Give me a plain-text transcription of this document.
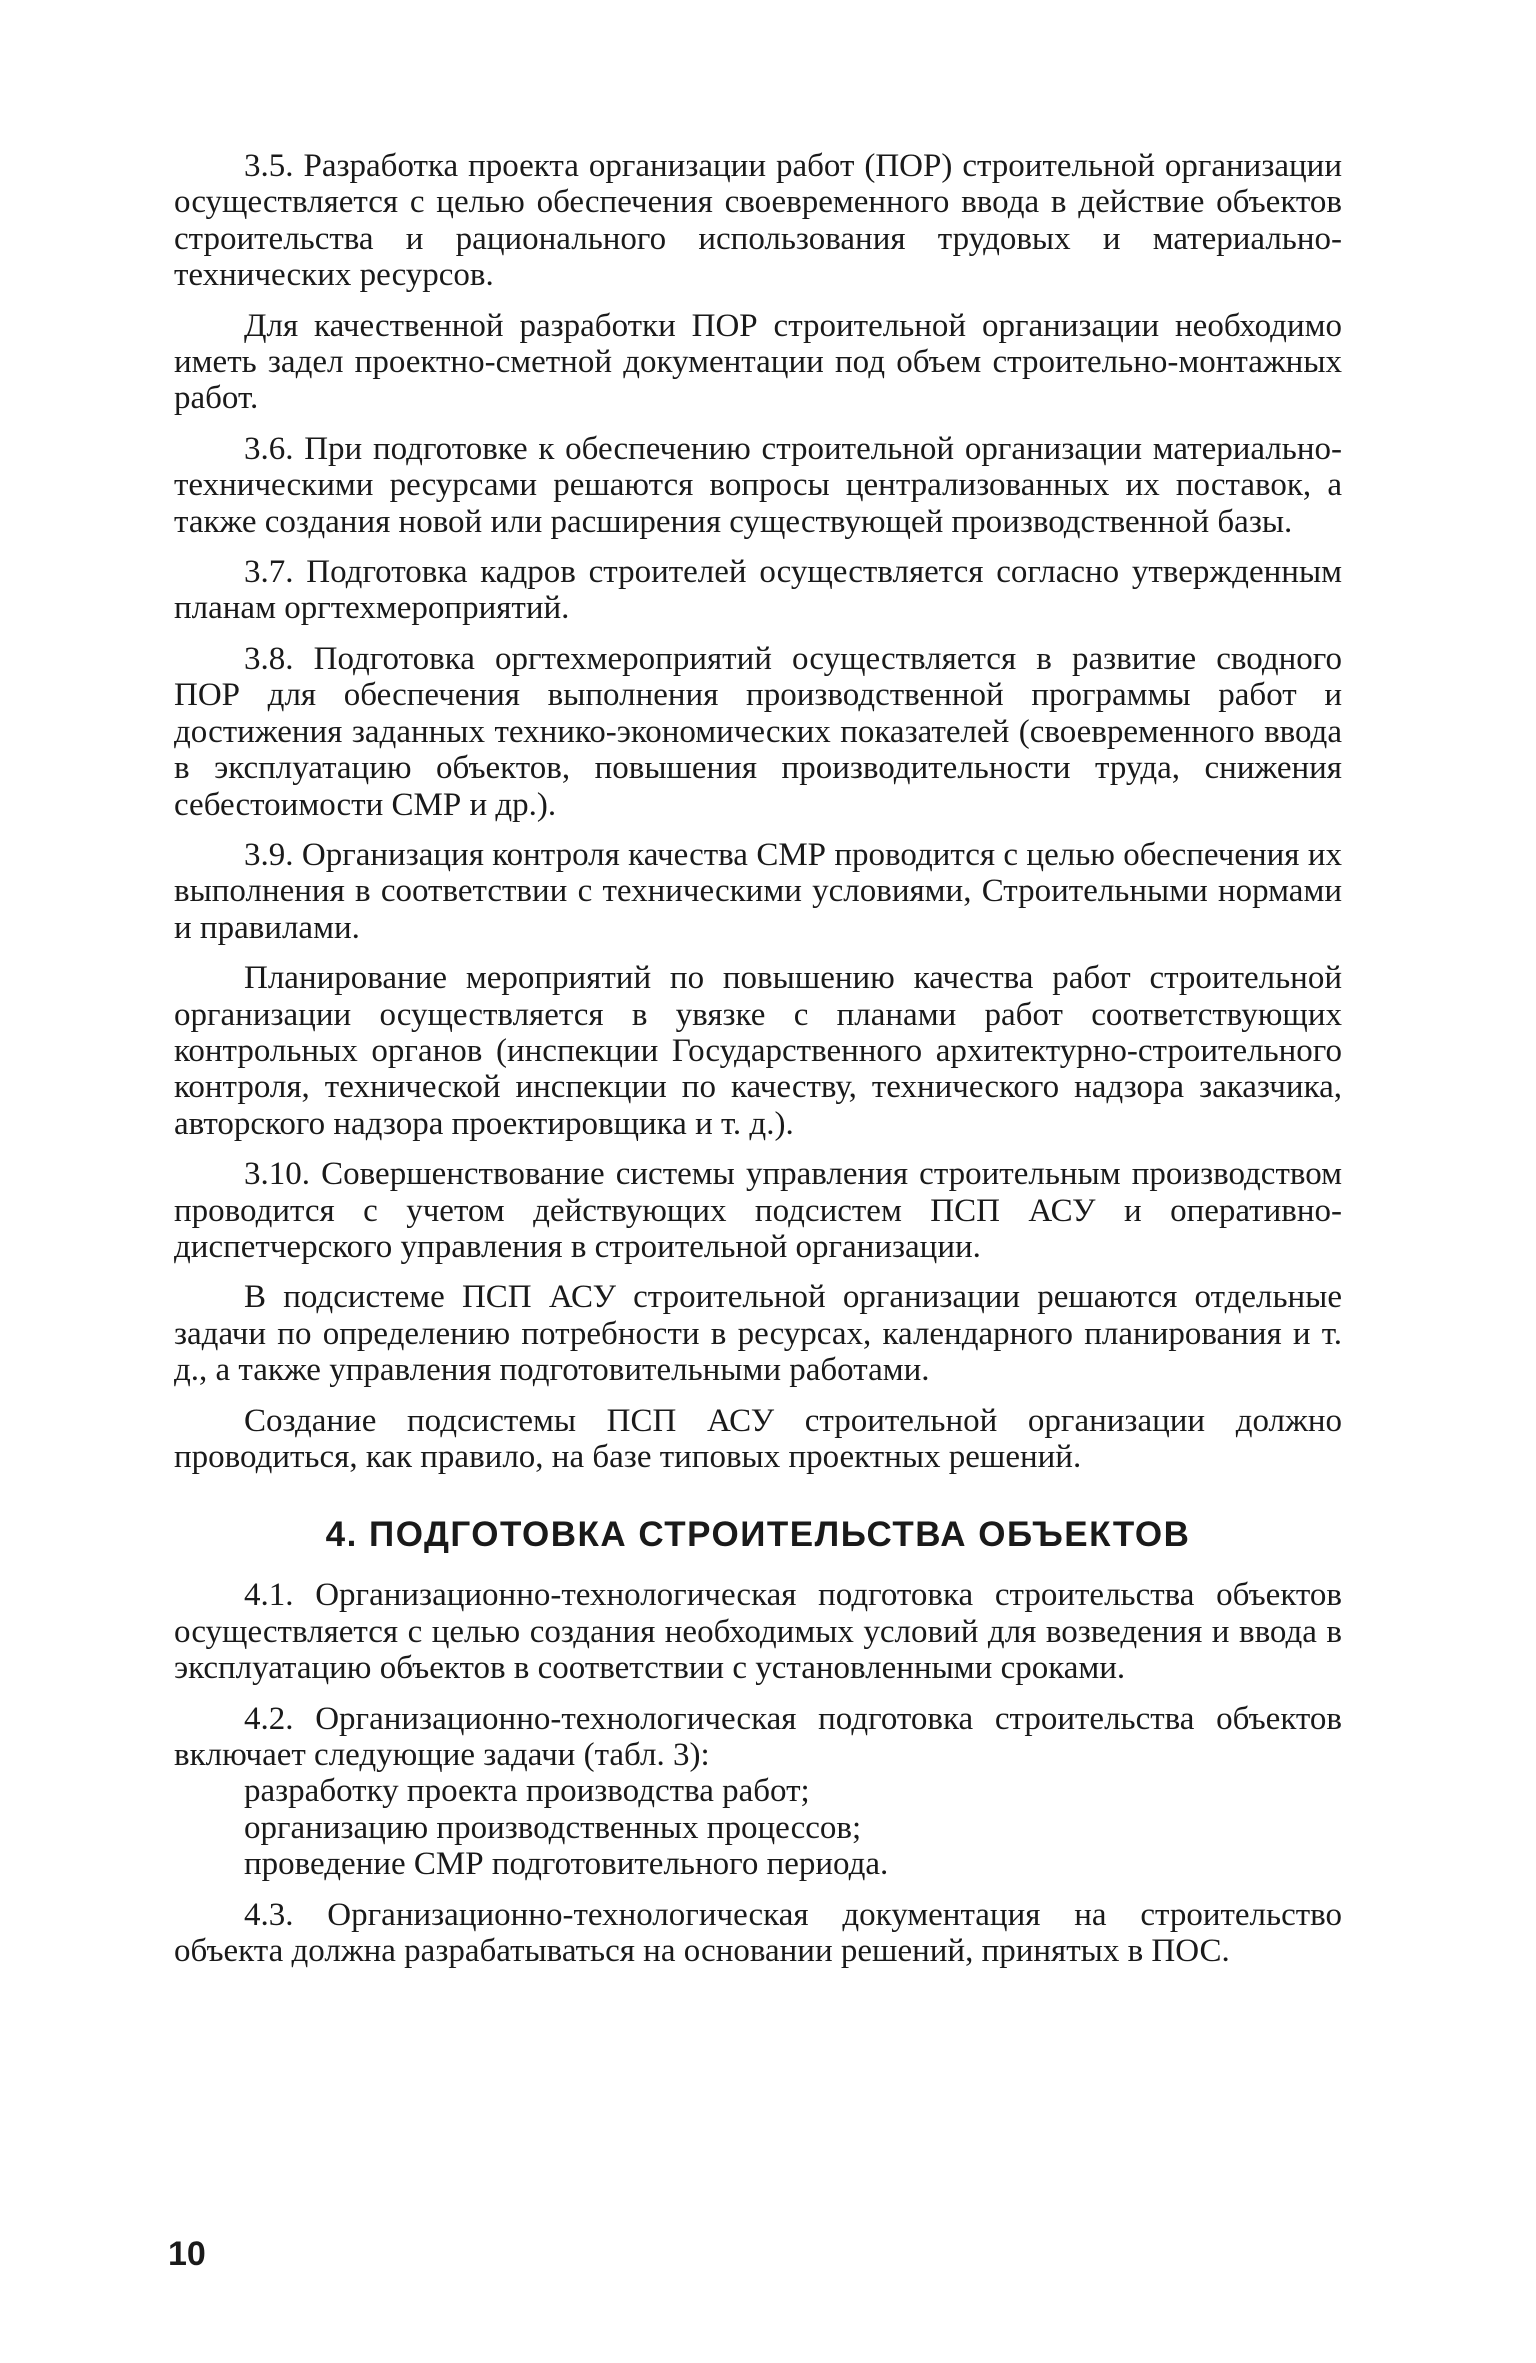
3.5. Разработка проекта организации работ (ПОР) строительной организации осуществляется с целью обеспечения своевременного ввода в действие объектов строительства и рационального использования трудовых и материально-технических ресурсов.

Для качественной разработки ПОР строительной организации необходимо иметь задел проектно-сметной документации под объем строительно-монтажных работ.

3.6. При подготовке к обеспечению строительной организации материально-техническими ресурсами решаются вопросы централизованных их поставок, а также создания новой или расширения существующей производственной базы.

3.7. Подготовка кадров строителей осуществляется согласно утвержденным планам оргтехмероприятий.

3.8. Подготовка оргтехмероприятий осуществляется в развитие сводного ПОР для обеспечения выполнения производственной программы работ и достижения заданных технико-экономических показателей (своевременного ввода в эксплуатацию объектов, повышения производительности труда, снижения себестоимости СМР и др.).

3.9. Организация контроля качества СМР проводится с целью обеспечения их выполнения в соответствии с техническими условиями, Строительными нормами и правилами.

Планирование мероприятий по повышению качества работ строительной организации осуществляется в увязке с планами работ соответствующих контрольных органов (инспекции Государственного архитектурно-строительного контроля, технической инспекции по качеству, технического надзора заказчика, авторского надзора проектировщика и т. д.).

3.10. Совершенствование системы управления строительным производством проводится с учетом действующих подсистем ПСП АСУ и оперативно-диспетчерского управления в строительной организации.

В подсистеме ПСП АСУ строительной организации решаются отдельные задачи по определению потребности в ресурсах, календарного планирования и т. д., а также управления подготовительными работами.

Создание подсистемы ПСП АСУ строительной организации должно проводиться, как правило, на базе типовых проектных решений.

4. ПОДГОТОВКА СТРОИТЕЛЬСТВА ОБЪЕКТОВ

4.1. Организационно-технологическая подготовка строительства объектов осуществляется с целью создания необходимых условий для возведения и ввода в эксплуатацию объектов в соответствии с установленными сроками.

4.2. Организационно-технологическая подготовка строительства объектов включает следующие задачи (табл. 3):

разработку проекта производства работ;

организацию производственных процессов;

проведение СМР подготовительного периода.

4.3. Организационно-технологическая документация на строительство объекта должна разрабатываться на основании решений, принятых в ПОС.

10
